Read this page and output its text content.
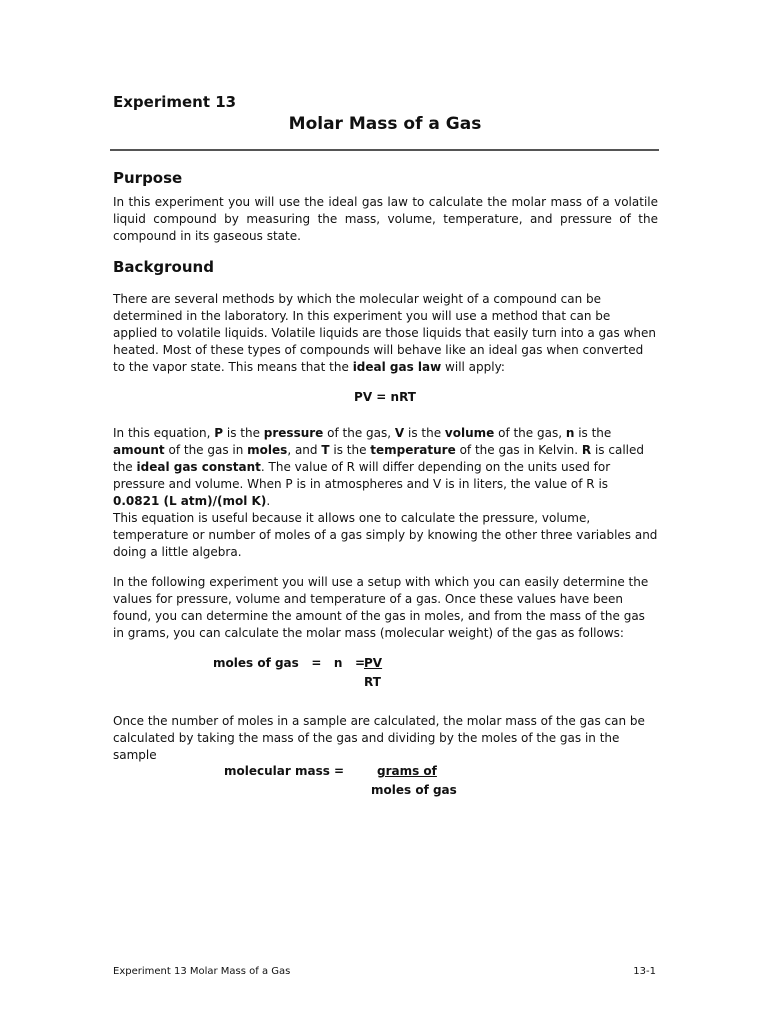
Experiment 13
Molar Mass of a Gas
Purpose
In this experiment you will use the ideal gas law to calculate the molar mass of a volatile liquid compound by measuring the mass, volume, temperature, and pressure of the compound in its gaseous state.
Background
There are several methods by which the molecular weight of a compound can be determined in the laboratory. In this experiment you will use a method that can be applied to volatile liquids. Volatile liquids are those liquids that easily turn into a gas when heated. Most of these types of compounds will behave like an ideal gas when converted to the vapor state. This means that the ideal gas law will apply:
PV = nRT
In this equation, P is the pressure of the gas, V is the volume of the gas, n is the amount of the gas in moles, and T is the temperature of the gas in Kelvin. R is called the ideal gas constant. The value of R will differ depending on the units used for pressure and volume. When P is in atmospheres and V is in liters, the value of R is 0.0821 (L atm)/(mol K).
This equation is useful because it allows one to calculate the pressure, volume, temperature or number of moles of a gas simply by knowing the other three variables and doing a little algebra.
In the following experiment you will use a setup with which you can easily determine the values for pressure, volume and temperature of a gas. Once these values have been found, you can determine the amount of the gas in moles, and from the mass of the gas in grams, you can calculate the molar mass (molecular weight) of the gas as follows:
moles of gas   =   n   =
PV
RT
Once the number of moles in a sample are calculated, the molar mass of the gas can be calculated by taking the mass of the gas and dividing by the moles of the gas in the sample
molecular mass =	grams of
moles of gas
Experiment 13 Molar Mass of a Gas	13-1
